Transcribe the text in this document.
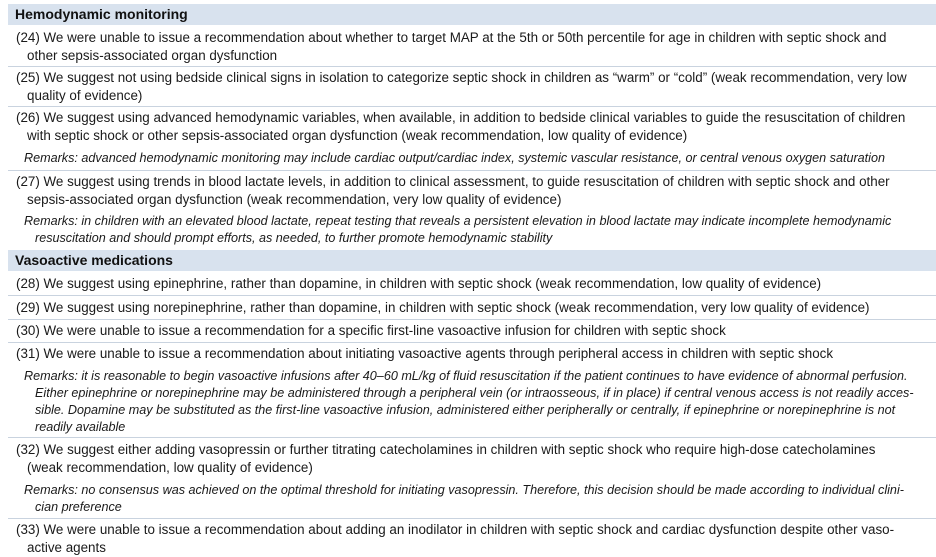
Hemodynamic monitoring
(24) We were unable to issue a recommendation about whether to target MAP at the 5th or 50th percentile for age in children with septic shock and
other sepsis-associated organ dysfunction
(25) We suggest not using bedside clinical signs in isolation to categorize septic shock in children as “warm” or “cold” (weak recommendation, very low
quality of evidence)
(26) We suggest using advanced hemodynamic variables, when available, in addition to bedside clinical variables to guide the resuscitation of children
with septic shock or other sepsis-associated organ dysfunction (weak recommendation, low quality of evidence)
Remarks: advanced hemodynamic monitoring may include cardiac output/cardiac index, systemic vascular resistance, or central venous oxygen saturation
(27) We suggest using trends in blood lactate levels, in addition to clinical assessment, to guide resuscitation of children with septic shock and other
sepsis-associated organ dysfunction (weak recommendation, very low quality of evidence)
Remarks: in children with an elevated blood lactate, repeat testing that reveals a persistent elevation in blood lactate may indicate incomplete hemodynamic
resuscitation and should prompt efforts, as needed, to further promote hemodynamic stability
Vasoactive medications
(28) We suggest using epinephrine, rather than dopamine, in children with septic shock (weak recommendation, low quality of evidence)
(29) We suggest using norepinephrine, rather than dopamine, in children with septic shock (weak recommendation, very low quality of evidence)
(30) We were unable to issue a recommendation for a specific first-line vasoactive infusion for children with septic shock
(31) We were unable to issue a recommendation about initiating vasoactive agents through peripheral access in children with septic shock
Remarks: it is reasonable to begin vasoactive infusions after 40–60 mL/kg of fluid resuscitation if the patient continues to have evidence of abnormal perfusion.
Either epinephrine or norepinephrine may be administered through a peripheral vein (or intraosseous, if in place) if central venous access is not readily acces-
sible. Dopamine may be substituted as the first-line vasoactive infusion, administered either peripherally or centrally, if epinephrine or norepinephrine is not
readily available
(32) We suggest either adding vasopressin or further titrating catecholamines in children with septic shock who require high-dose catecholamines
(weak recommendation, low quality of evidence)
Remarks: no consensus was achieved on the optimal threshold for initiating vasopressin. Therefore, this decision should be made according to individual clini-
cian preference
(33) We were unable to issue a recommendation about adding an inodilator in children with septic shock and cardiac dysfunction despite other vaso-
active agents
